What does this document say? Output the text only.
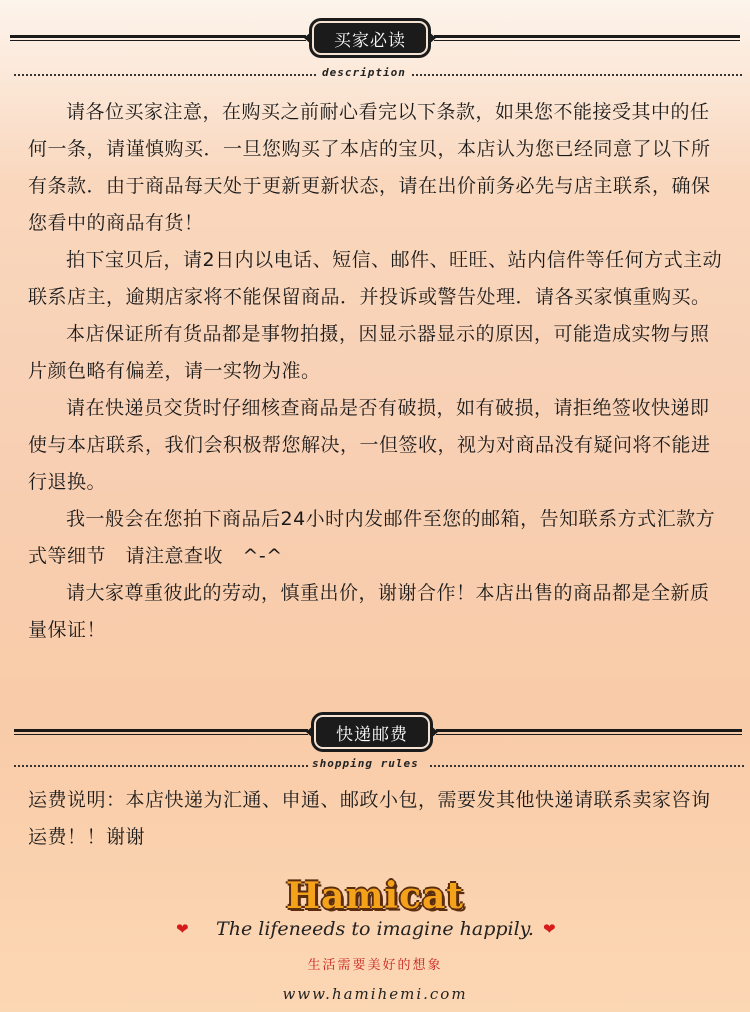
买家必读
description

请各位买家注意，在购买之前耐心看完以下条款，如果您不能接受其中的任何一条，请谨慎购买．一旦您购买了本店的宝贝，本店认为您已经同意了以下所有条款．由于商品每天处于更新更新状态，请在出价前务必先与店主联系，确保您看中的商品有货！

拍下宝贝后，请2日内以电话、短信、邮件、旺旺、站内信件等任何方式主动联系店主，逾期店家将不能保留商品．并投诉或警告处理．请各买家慎重购买。

本店保证所有货品都是事物拍摄，因显示器显示的原因，可能造成实物与照片颜色略有偏差，请一实物为准。

请在快递员交货时仔细核查商品是否有破损，如有破损，请拒绝签收快递即使与本店联系，我们会积极帮您解决，一但签收，视为对商品没有疑问将不能进行退换。

我一般会在您拍下商品后24小时内发邮件至您的邮箱，告知联系方式汇款方式等细节　请注意查收　^-^

请大家尊重彼此的劳动，慎重出价，谢谢合作！本店出售的商品都是全新质量保证！

快递邮费
shopping rules

运费说明：本店快递为汇通、申通、邮政小包，需要发其他快递请联系卖家咨询运费！！谢谢

Hamicat
❤	The lifeneeds to imagine happily. ❤
生活需要美好的想象
www.hamihemi.com
